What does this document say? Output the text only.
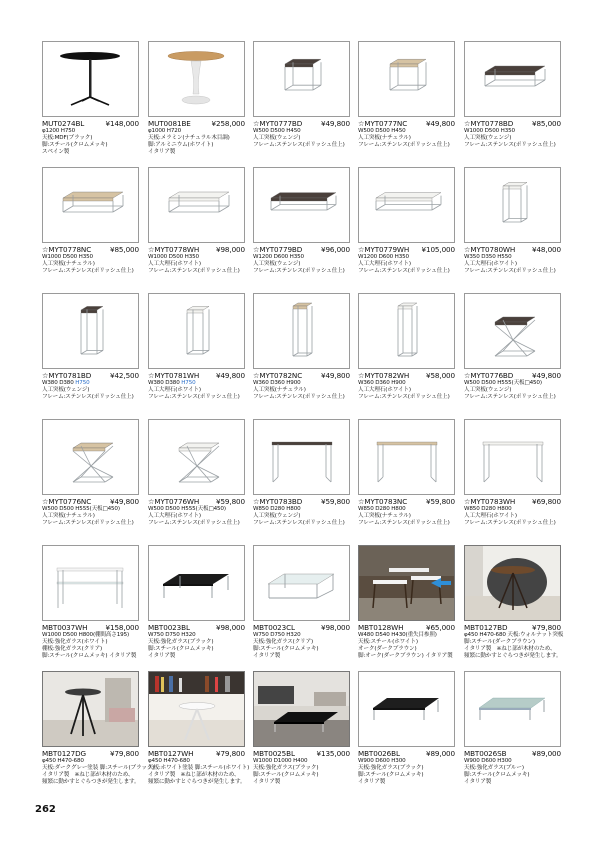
MUT0274BL	¥148,000
φ1200 H750
天板:MDF(ブラック)
脚:スチール(クロムメッキ)
スペイン製
MUT0081BE	¥258,000
φ1000 H720
天板:メラミン(ナチュラル木目調)
脚:アルミニウム(ホワイト)
イタリア製
☆MYT0777BD	¥49,800
W500 D500 H450
人工突板(ウェンジ)
フレーム:ステンレス(ポリッシュ仕上)
☆MYT0777NC	¥49,800
W500 D500 H450
人工突板(ナチュラル)
フレーム:ステンレス(ポリッシュ仕上)
☆MYT0778BD	¥85,000
W1000 D500 H350
人工突板(ウェンジ)
フレーム:ステンレス(ポリッシュ仕上)
☆MYT0778NC	¥85,000
W1000 D500 H350
人工突板(ナチュラル)
フレーム:ステンレス(ポリッシュ仕上)
☆MYT0778WH ¥98,000
W1000 D500 H350
人工大理石(ホワイト)
フレーム:ステンレス(ポリッシュ仕上)
☆MYT0779BD	¥96,000
W1200 D600 H350
人工突板(ウェンジ)
フレーム:ステンレス(ポリッシュ仕上)
☆MYT0779WH ¥105,000
W1200 D600 H350
人工大理石(ホワイト)
フレーム:ステンレス(ポリッシュ仕上)
☆MYT0780WH ¥48,000
W350 D350 H550
人工大理石(ホワイト)
フレーム:ステンレス(ポリッシュ仕上)
☆MYT0781BD	¥42,500
W380 D380 H750
人工突板(ウェンジ)
フレーム:ステンレス(ポリッシュ仕上)
☆MYT0781WH ¥49,800
W380 D380 H750
人工大理石(ホワイト)
フレーム:ステンレス(ポリッシュ仕上)
☆MYT0782NC	¥49,800
W360 D360 H900
人工突板(ナチュラル)
フレーム:ステンレス(ポリッシュ仕上)
☆MYT0782WH ¥58,000
W360 D360 H900
人工大理石(ホワイト)
フレーム:ステンレス(ポリッシュ仕上)
☆MYT0776BD	¥49,800
W500 D500 H555(天板□450)
人工突板(ウェンジ)
フレーム:ステンレス(ポリッシュ仕上)
☆MYT0776NC	¥49,800
W500 D500 H555(天板□450)
人工突板(ナチュラル)
フレーム:ステンレス(ポリッシュ仕上)
☆MYT0776WH ¥59,800
W500 D500 H555(天板□450)
人工大理石(ホワイト)
フレーム:ステンレス(ポリッシュ仕上)
☆MYT0783BD	¥59,800
W850 D280 H800
人工突板(ウェンジ)
フレーム:ステンレス(ポリッシュ仕上)
☆MYT0783NC	¥59,800
W850 D280 H800
人工突板(ナチュラル)
フレーム:ステンレス(ポリッシュ仕上)
☆MYT0783WH ¥69,800
W850 D280 H800
人工大理石(ホワイト)
フレーム:ステンレス(ポリッシュ仕上)
MBT0037WH	¥158,000
W1000 D500 H800(棚間高さ195)
天板:強化ガラス(ホワイト)
棚板:強化ガラス(クリア)
脚:スチール(クロムメッキ) イタリア製
MBT0023BL	¥98,000
W750 D750 H320
天板:強化ガラス(ブラック)
脚:スチール(クロムメッキ)
イタリア製
MBT0023CL	¥98,000
W750 D750 H320
天板:強化ガラス(クリア)
脚:スチール(クロムメッキ)
イタリア製
MBT0128WH	¥65,000
W480 D540 H430(重失目参照)
天板:スチール(ホワイト)
オーク(ダークブラウン)
脚:オーク(ダークブラウン) イタリア製
MBT0127BD	¥79,800
φ450 H470-680 天板:ウォルナット突板
脚:スチール(ダークブラウン)
イタリア製　※ねじ部が木材のため、
頻繁に動かすとぐらつきが発生します。
MBT0127DG	¥79,800
φ450 H470-680
天板:ダークグレー塗装 脚:スチール(ブラック)
イタリア製　※ねじ部が木材のため、
頻繁に動かすとぐらつきが発生します。
MBT0127WH	¥79,800
φ450 H470-680
天板:ホワイト塗装 脚:スチール(ホワイト)
イタリア製　※ねじ部が木材のため、
頻繁に動かすとぐらつきが発生します。
MBT0025BL	¥135,000
W1000 D1000 H400
天板:強化ガラス(ブラック)
脚:スチール(クロムメッキ)
イタリア製
MBT0026BL	¥89,000
W900 D600 H300
天板:強化ガラス(ブラック)
脚:スチール(クロムメッキ)
イタリア製
MBT0026SB	¥89,000
W900 D600 H300
天板:強化ガラス(ブルー)
脚:スチール(クロムメッキ)
イタリア製
262
